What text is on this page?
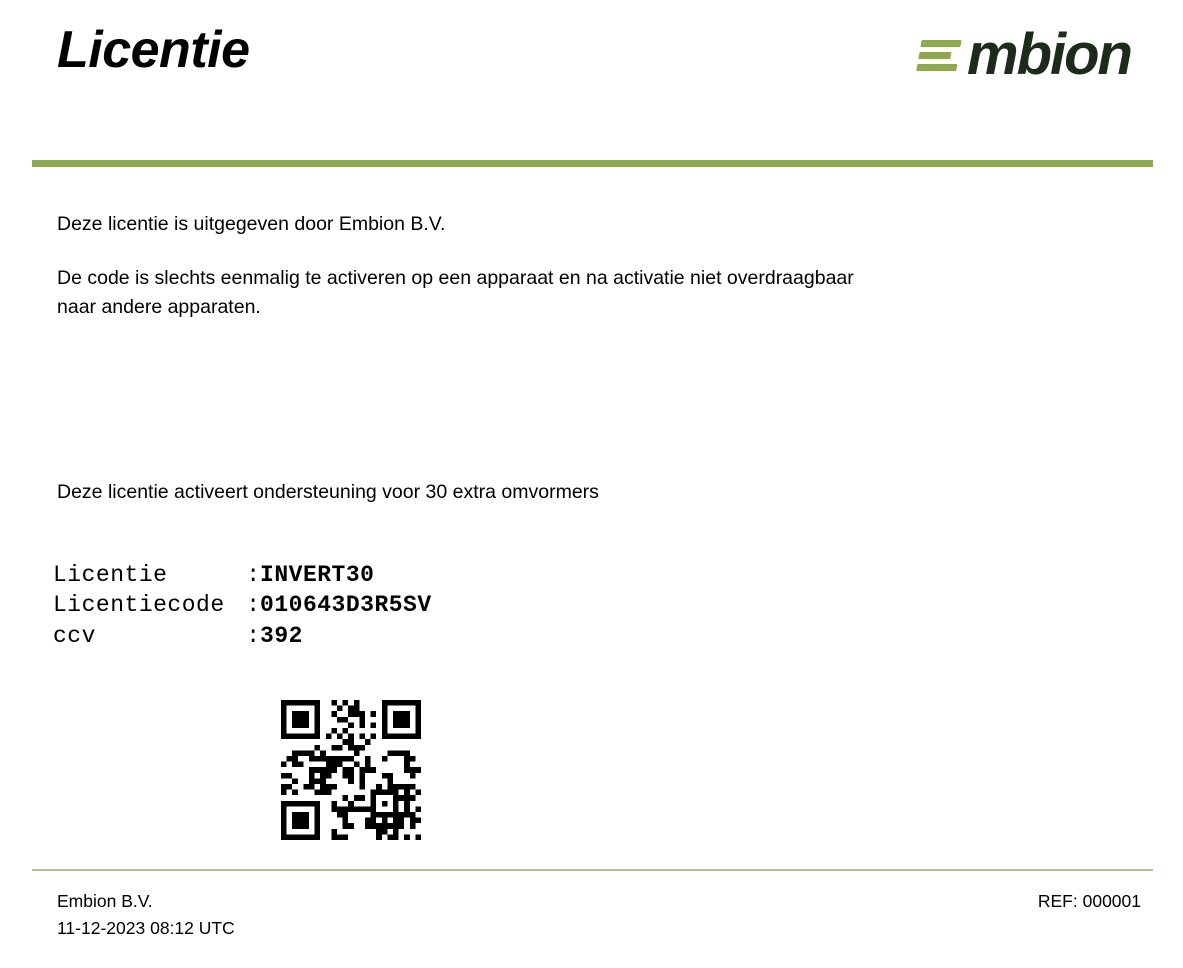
Licentie	mbion

Deze licentie is uitgegeven door Embion B.V.

De code is slechts eenmalig te activeren op een apparaat en na activatie niet overdraagbaar naar andere apparaten.

Deze licentie activeert ondersteuning voor 30 extra omvormers
Licentie	: INVERT30
Licentiecode : 010643D3R5SV
ccv	: 392
REF: 000001
Embion B.V.
11-12-2023 08:12 UTC
